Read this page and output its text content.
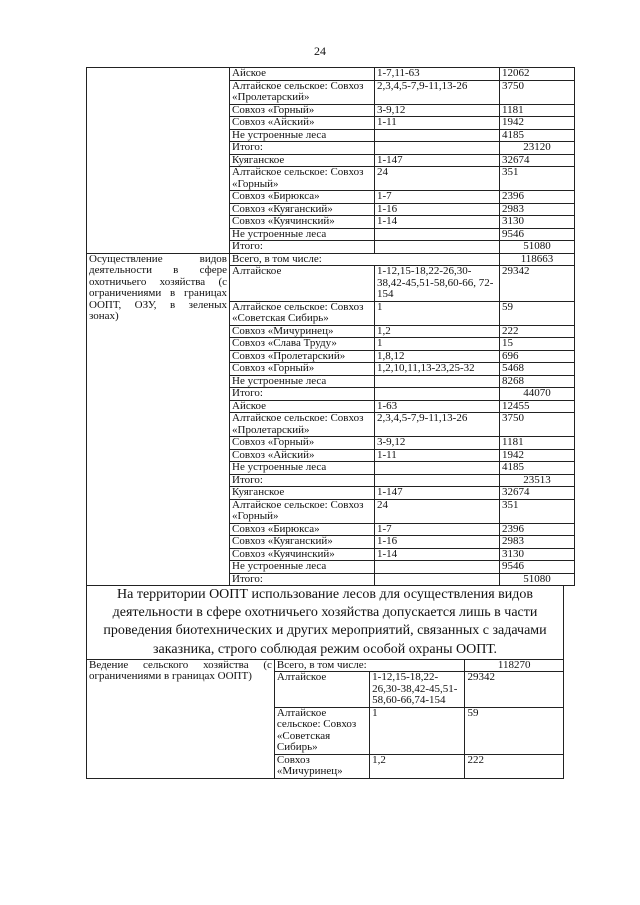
24
	Айское	1-7,11-63	12062
	Алтайское сельское: Совхоз «Пролетарский»	2,3,4,5-7,9-11,13-26	3750
	Совхоз «Горный»	3-9,12	1181
	Совхоз «Айский»	1-11	1942
	Не устроенные леса		4185
	Итого:		23120
	Куяганское	1-147	32674
	Алтайское сельское: Совхоз «Горный»	24	351
	Совхоз «Бирюкса»	1-7	2396
	Совхоз «Куяганский»	1-16	2983
	Совхоз «Куячинский»	1-14	3130
	Не устроенные леса		9546
	Итого:		51080

Осуществление видов деятельности в сфере охотничьего хозяйства (с ограничениями в границах ООПТ, ОЗУ, в зеленых зонах)	Всего, в том числе:		118663
	Алтайское	1-12,15-18,22-26,30-38,42-45,51-58,60-66, 72-154	29342
	Алтайское сельское: Совхоз «Советская Сибирь»	1	59
	Совхоз «Мичуринец»	1,2	222
	Совхоз «Слава Труду»	1	15
	Совхоз «Пролетарский»	1,8,12	696
	Совхоз «Горный»	1,2,10,11,13-23,25-32	5468
	Не устроенные леса		8268
	Итого:		44070
	Айское	1-63	12455
	Алтайское сельское: Совхоз «Пролетарский»	2,3,4,5-7,9-11,13-26	3750
	Совхоз «Горный»	3-9,12	1181
	Совхоз «Айский»	1-11	1942
	Не устроенные леса		4185
	Итого:		23513
	Куяганское	1-147	32674
	Алтайское сельское: Совхоз «Горный»	24	351
	Совхоз «Бирюкса»	1-7	2396
	Совхоз «Куяганский»	1-16	2983
	Совхоз «Куячинский»	1-14	3130
	Не устроенные леса		9546
	Итого:		51080
На территории ООПТ использование лесов для осуществления видов деятельности в сфере охотничьего хозяйства допускается лишь в части проведения биотехнических и других мероприятий, связанных с задачами заказника, строго соблюдая режим особой охраны ООПТ.
Ведение сельского хозяйства (с ограничениями в границах ООПТ)	Всего, в том числе:		118270
	Алтайское	1-12,15-18,22-26,30-38,42-45,51-58,60-66,74-154	29342
	Алтайское сельское: Совхоз «Советская Сибирь»	1	59
	Совхоз «Мичуринец»	1,2	222
